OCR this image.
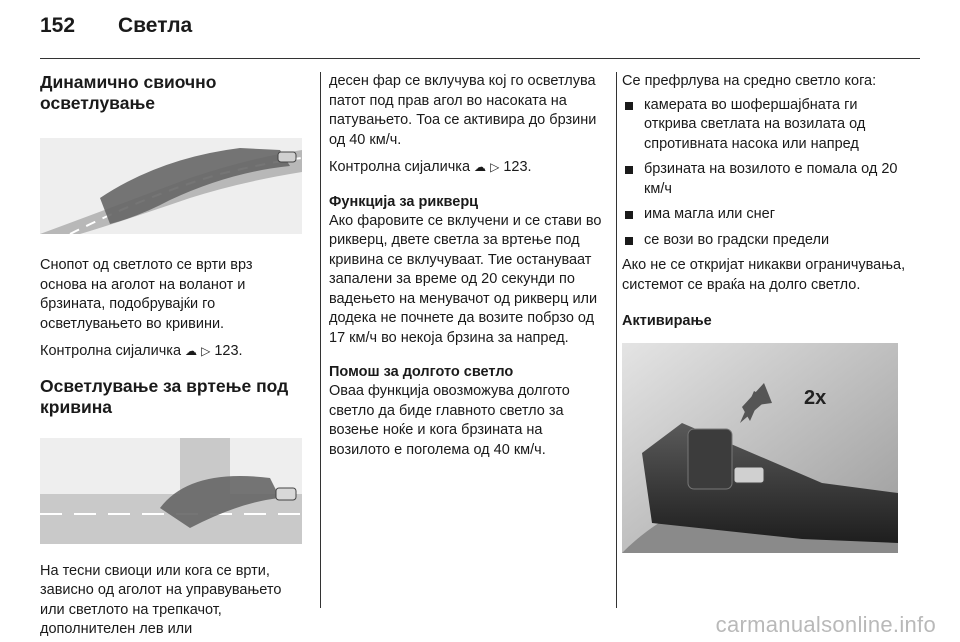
152	Светла
Динамично свиочно осветлување

Снопот од светлото се врти врз основа на аголот на воланот и брзината, подобрувајќи го осветлувањето во кривини.

Контролна сијаличка ☁ ▷ 123.

Осветлување за вртење под кривина

На тесни свиоци или кога се врти, зависно од аголот на управувањето или светлото на трепкачот, дополнителен лев или

десен фар се вклучува кој го осветлува патот под прав агол во насоката на патувањето. Тоа се активира до брзини од 40 км/ч.

Контролна сијаличка ☁ ▷ 123.

Функција за рикверц

Ако фаровите се вклучени и се стави во рикверц, двете светла за вртење под кривина се вклучуваат. Тие остануваат запалени за време од 20 секунди по вадењето на менувачот од рикверц или додека не почнете да возите побрзо од 17 км/ч во некоја брзина за напред.

Помош за долгото светло

Оваа функција овозможува долгото светло да биде главното светло за возење ноќе и кога брзината на возилото е поголема од 40 км/ч.

Се префрлува на средно светло кога:

камерата во шофершајбната ги открива светлата на возилата од спротивната насока или напред
брзината на возилото е помала од 20 км/ч
има магла или снег
се вози во градски предели

Ако не се откријат никакви ограничувања, системот се враќа на долго светло.

Активирање
2x
carmanualsonline.info
